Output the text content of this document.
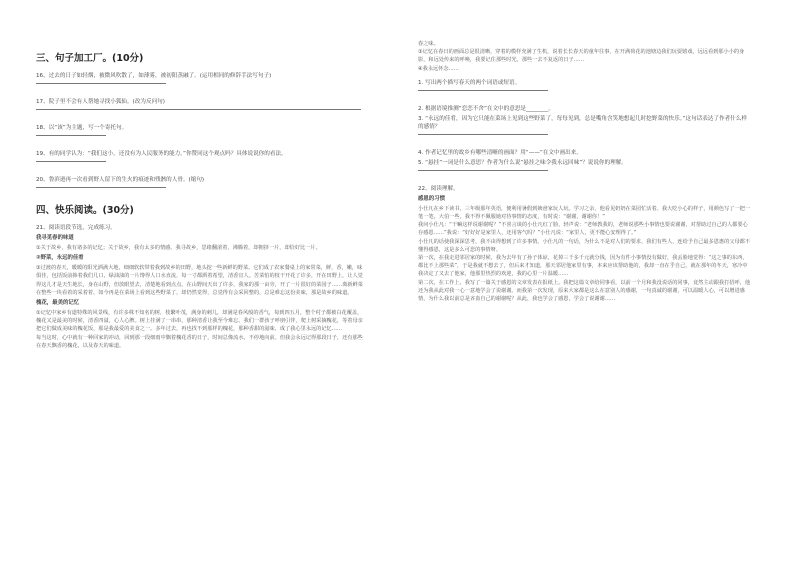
三、句子加工厂。(10分)
16、过去的日子如轻烟，被微风吹散了，如薄雾，被初阳蒸融了。(运用相同的修辞手法写句子)
17、院子里不会有人帮她寻找小狐仙。(改为反问句)
18、以“该”为主题，写一个寄托句。
19、有的同学认为：“我们这小，还没有为人民服务的能力。”你赞同这个观点吗？具体说说你的看法。
20、鲁滨逊再一次看到野人留下的生火的痕迹和残骸的人骨。(缩句)
四、快乐阅读。(30分)
21、阅读语段节选，完成练习。
我寻觅春的味道
①关于故乡，我有诸多的记忆；关于故乡，我有太多的情感。我寻故乡，思绪翻滚着，沸腾着，却拥挤一片，却恰好比一片。
②野菜，永远的佳肴
③过渡的春天，暖暖的阳光洒满大地，细细软软带着我到故乡的田野，地头挖一些新鲜的野菜。它们成了农家餐桌上的家常菜，鲜，香，嫩，味俱佳，包括饭前掺着我们几口，绿油油的一片馋得人口水直流，每一寸都洒着希望，清香宜人。苦菜怕的枝干开花了许多，开在田野上，让人觉得这儿才是天生地长，身在山野，但放眼望去，清楚地看到点点。在山野间天出了许多，我家的那一亩旁，开了一片很好的菜园子……离新鲜菜在整些一块看着的采着着，如今再是在菜场上看到这些野菜了，却仍然觉得，总觉得有会采回整的，总是难忘这份美味，那是故乡的味道。
槐花，最美的记忆
①记忆中家乡有道特殊的风景线，有许多株不知名的树，枝繁叶茂，满身的刺儿，却满是春风般的香气，每到四五月，整个村子都被白花覆盖，槐花又是最美的时候，清香四溢，心人心脾。树上挂满了一串串，那种清香让我至今难忘。我们一群孩子呼朋引伴，爬上树采摘槐花，等着母亲把它们做成美味的槐花饭，那是我最爱的美食之一。多年过去，再也找不到那样的槐花，那种香甜的滋味，成了我心里永远的记忆……
每当这时，心中就有一种回家的冲动，回到那一段细雨中飘着槐花香的日子，时间总像流水，不停地向前。但我会永远记得那段日子，还有那些在春天飘香的槐花，以及春天的味道。
春之味。
③记忆在春日的画面总是很清晰，穿着的模样充满了生机，说着长长春天的童年往事，在开满荷花的池塘边我们玩耍嬉戏，远远看到那小小的身影，和远处传来的呼唤，我要记住那些时光，那些一去不复返的日子……
④我永远怀念……
1. 写出两个描写春天的两个词语或短语。
2. 根据语境推测“恋恋不舍”在文中的意思是________。
3. “永远的佳肴，因为它只能在菜场上见到这些野菜了，每每见到，总是嘴角含笑地想起儿时挖野菜的快乐。”这句话表达了作者什么样的感情？
4. 作者记忆里的故乡有哪些清晰的画面？用“——”在文中画出来。
5. “悬挂”一词是什么意思？作者为什么说“悬挂之味令我永远回味”？说说你的理解。
22、阅读理解。
感恩的习惯
小仕凡在乡下读书，三年级那年英语，便利用暑假到姨爸家玩人玩。学习之余，他看见奶奶在菜园忙活着。我大吃小心的样子，用颜色写了一把一笔一笔，大伯一些，我不得不佩服她对待事情的态度，有时说：“谢谢，谢谢你！”
我问小仕凡：“干嘛这样说谢谢呢？”不喜言谈的小仕凡红了脸，轻声说：“老师教我的，老师说那些小事情也要说谢谢，对帮助过自己的人都要心存感恩……”我说：“好好好是家里人，还用客气吗？”小仕凡说：“家里人，更不能心安理得了。”
小仕凡的话使我深深思考，我不由得想到了许多事情。小仕凡的一句话，为什么不是对人们的要求，我们有些人，连给予自己最多恩惠的父母都不懂得感恩，这是多么可悲的事情呀。
第一次，在我走进邻居家的时候，我为去年有了孙子体谅，花掉三千多千元就分钱，因为有件小事情没有做好，我丢脸地觉得：“这之事的东西，都比不上那些菜”，于是我就不想去了，但后来才知道，那天邻居他家里有事，本来应该帮助他的，我却一直在乎自己，就在那年的冬天，寒冷中我决定了又去了他家，他那里热烈的欢迎，我的心里一片温暖……
第二次，在工作上，我写了一篇关于感恩的文章发表在报纸上。我把这篇文章给同事看，以前一个月和我没说话的同事，竟然主动跟我打招呼，他还为我从此对我一心一意地学会了说谢谢。而我第一次发现，原来大家都是这么在意别人的感谢，一句真诚的谢谢，可以温暖人心，可以增进感情，为什么我以前总是吝啬自己的谢谢呢？从此，我也学会了感恩，学会了说谢谢……
